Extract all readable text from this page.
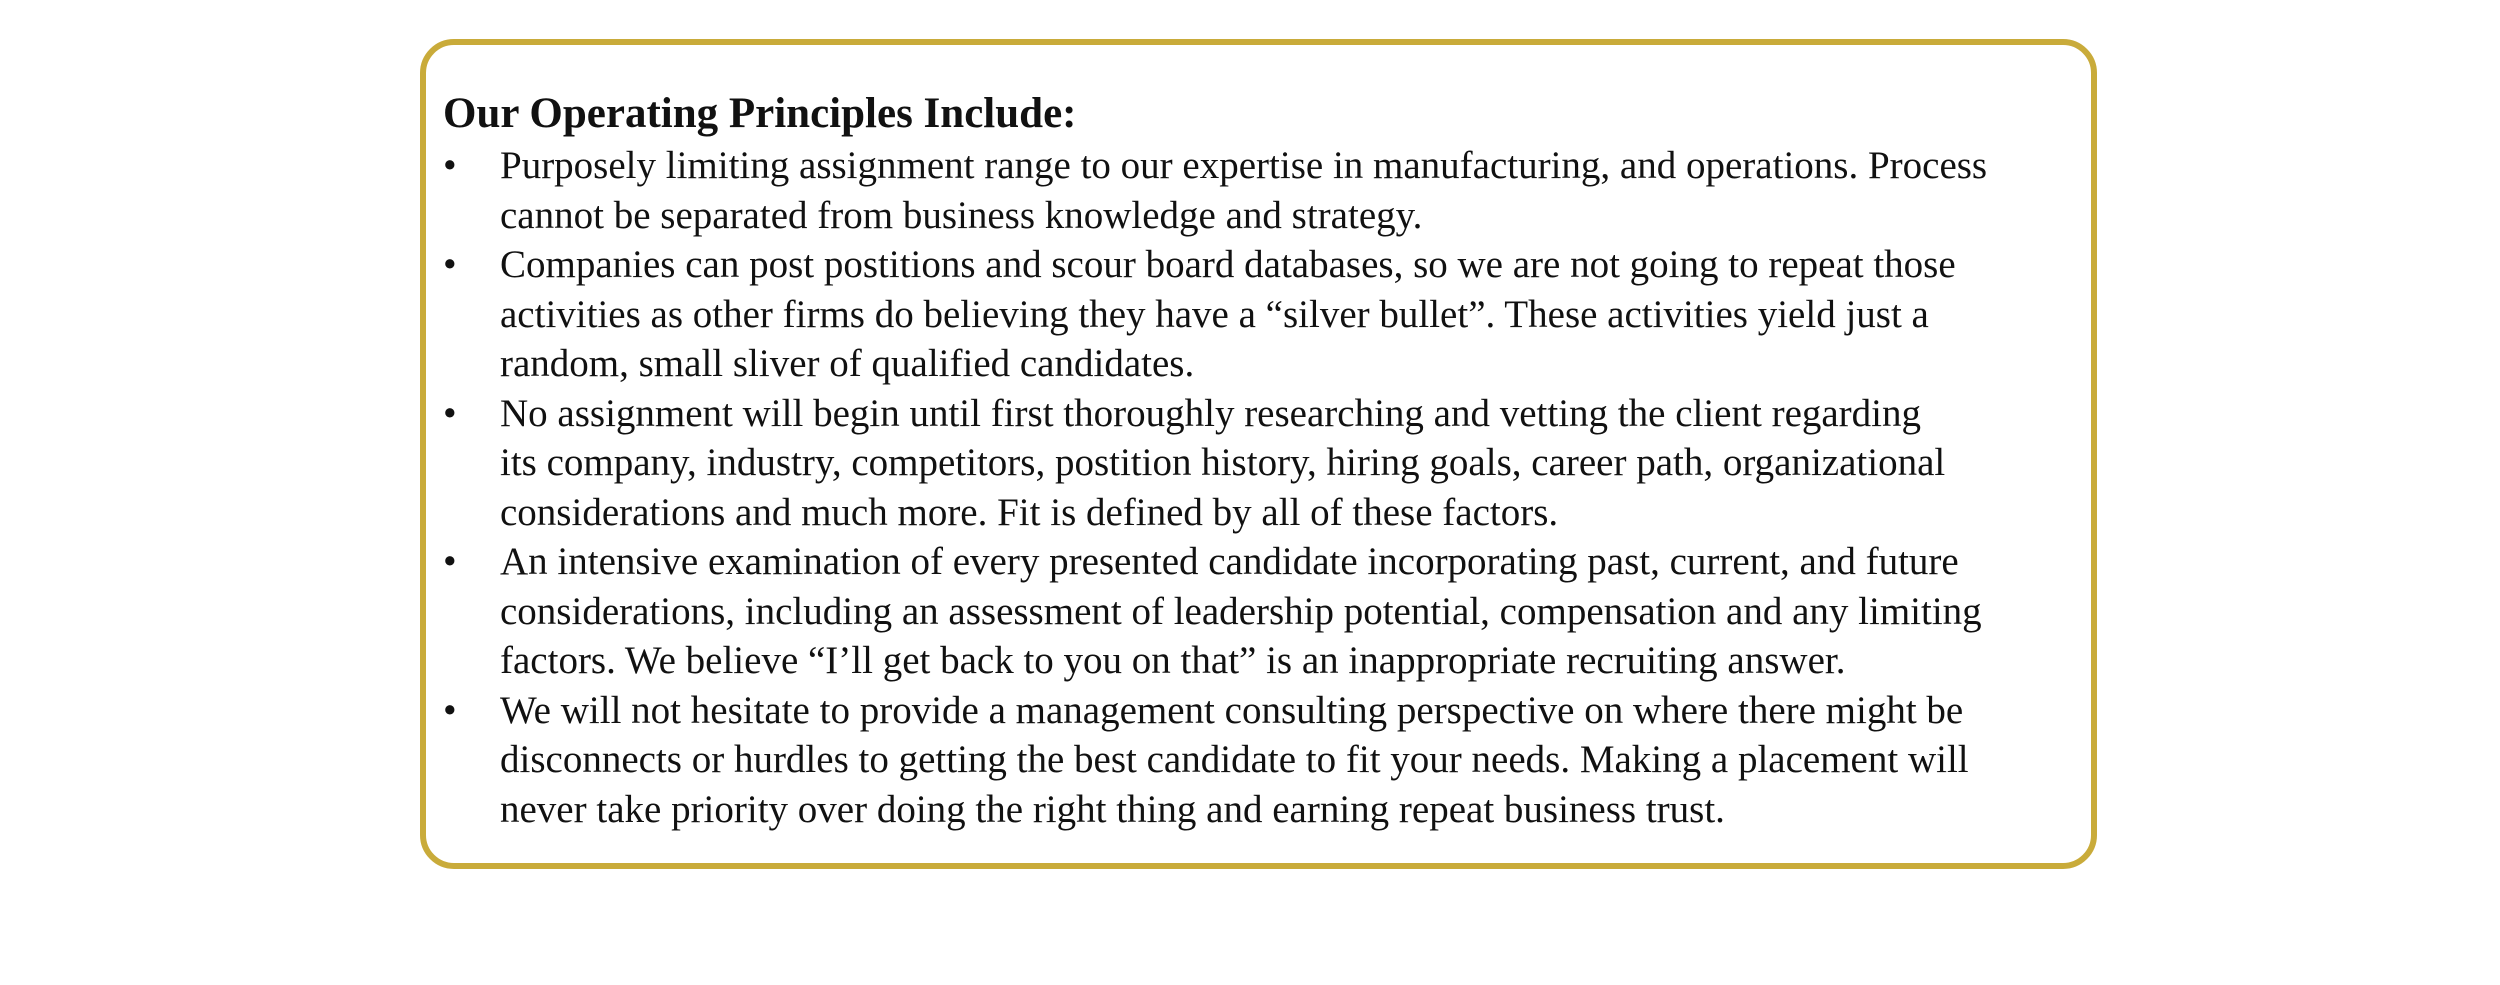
Our Operating Principles Include:
•	Purposely limiting assignment range to our expertise in manufacturing, and operations. Process
cannot be separated from business knowledge and strategy.
•	Companies can post postitions and scour board databases, so we are not going to repeat those
activities as other firms do believing they have a “silver bullet”. These activities yield just a
random, small sliver of qualified candidates.
•	No assignment will begin until first thoroughly researching and vetting the client regarding
its company, industry, competitors, postition history, hiring goals, career path, organizational
considerations and much more. Fit is defined by all of these factors.
•	An intensive examination of every presented candidate incorporating past, current, and future
considerations, including an assessment of leadership potential, compensation and any limiting
factors. We believe “I’ll get back to you on that” is an inappropriate recruiting answer.
•	We will not hesitate to provide a management consulting perspective on where there might be
disconnects or hurdles to getting the best candidate to fit your needs. Making a placement will
never take priority over doing the right thing and earning repeat business trust.
